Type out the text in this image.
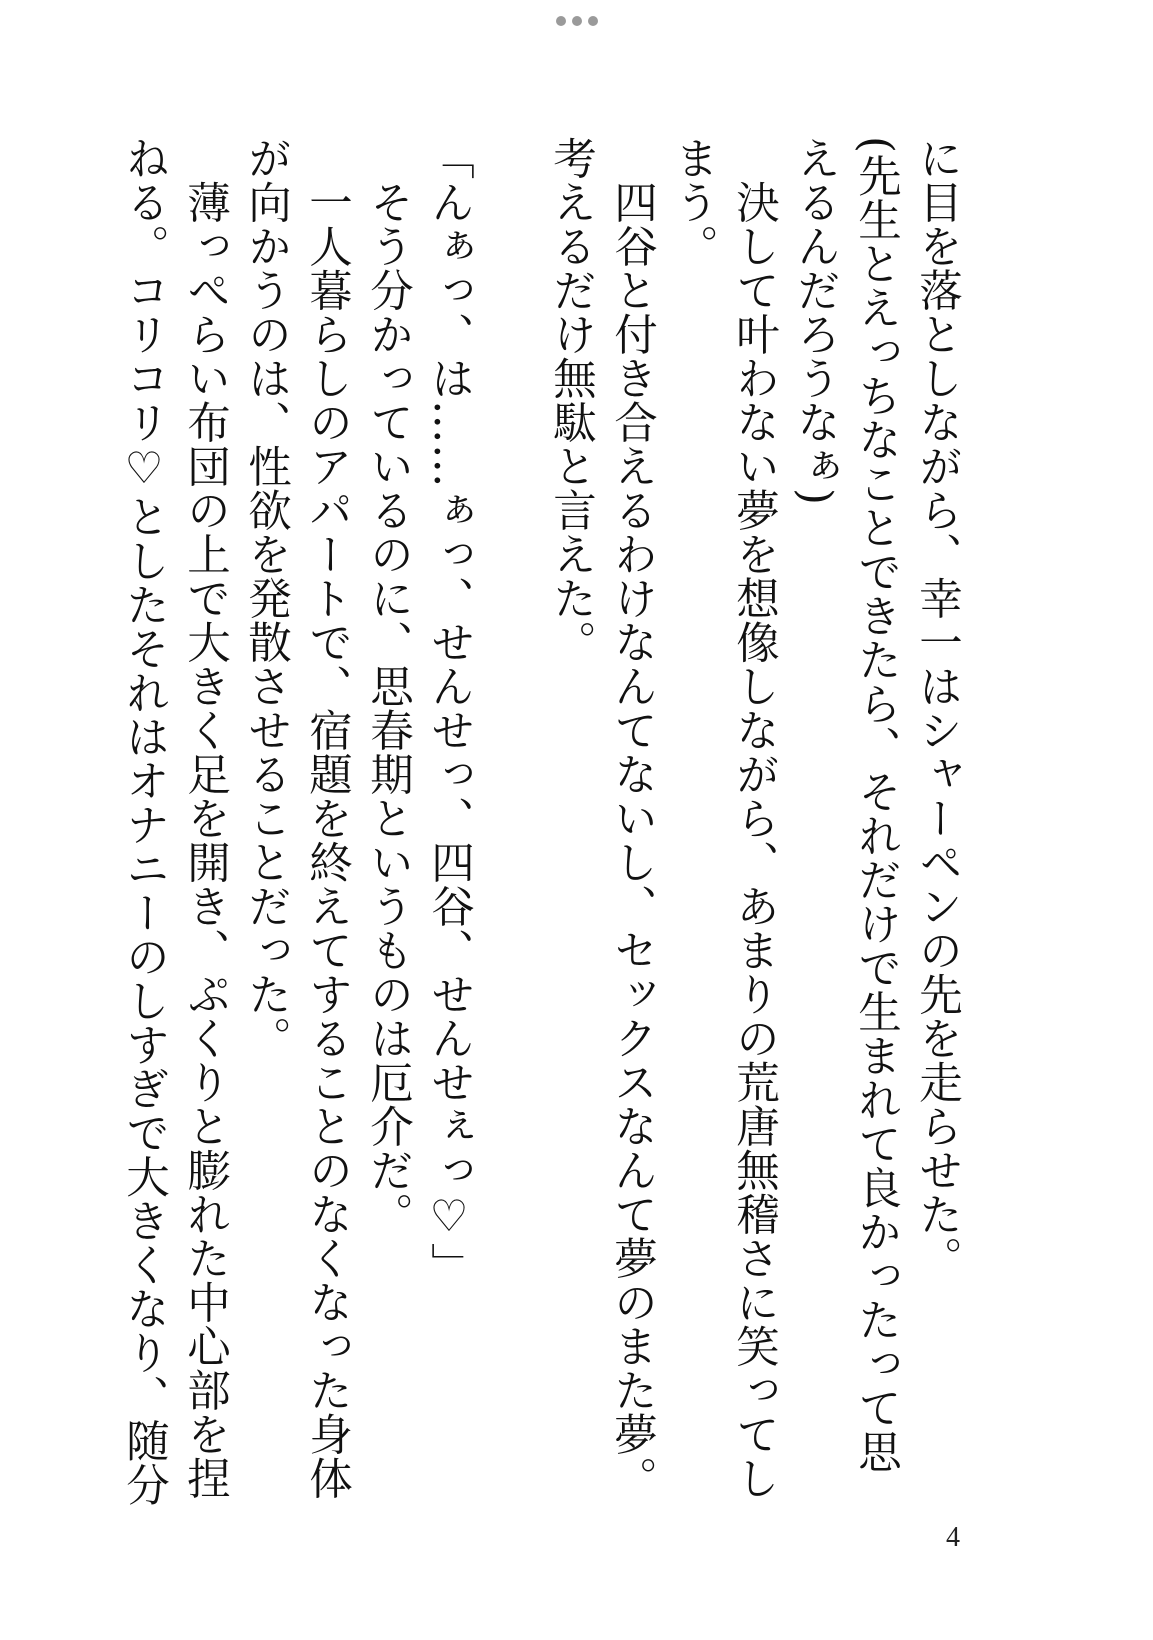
に目を落としながら、幸一はシャーペンの先を走らせた。
(先生とえっちなことできたら、それだけで生まれて良かったって思
えるんだろうなぁ)
　決して叶わない夢を想像しながら、あまりの荒唐無稽さに笑ってし
まう。
　四谷と付き合えるわけなんてないし、セックスなんて夢のまた夢。
考えるだけ無駄と言えた。
「んぁっ、は……ぁっ、せんせっ、四谷、せんせぇっ♡」
　そう分かっているのに、思春期というものは厄介だ。
　一人暮らしのアパートで、宿題を終えてすることのなくなった身体
が向かうのは、性欲を発散させることだった。
　薄っぺらい布団の上で大きく足を開き、ぷくりと膨れた中心部を捏
ねる。コリコリ♡としたそれはオナニーのしすぎで大きくなり、随分
4
